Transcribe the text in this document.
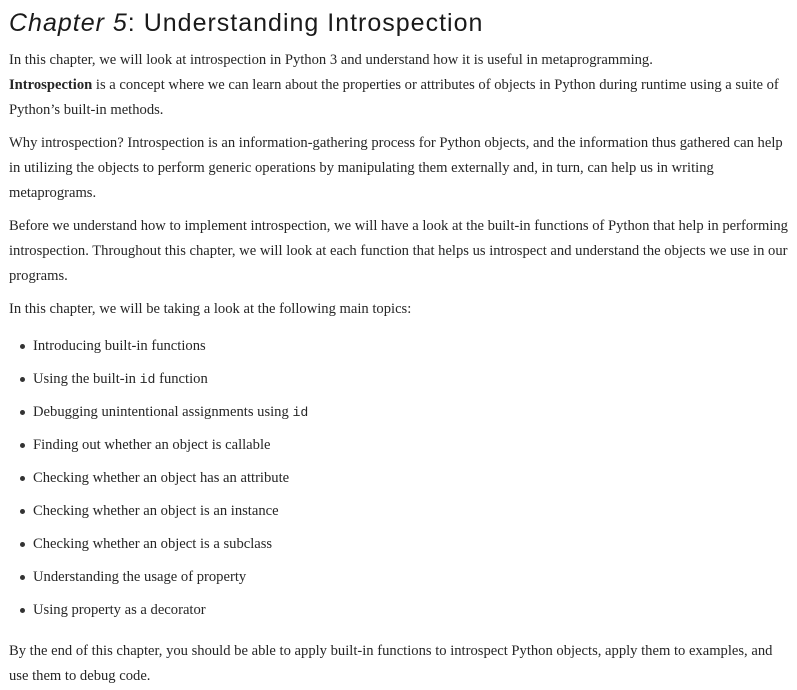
Chapter 5: Understanding Introspection

In this chapter, we will look at introspection in Python 3 and understand how it is useful in metaprogramming.
Introspection is a concept where we can learn about the properties or attributes of objects in Python during runtime using a suite of Python’s built-in methods.

Why introspection? Introspection is an information-gathering process for Python objects, and the information thus gathered can help in utilizing the objects to perform generic operations by manipulating them externally and, in turn, can help us in writing metaprograms.

Before we understand how to implement introspection, we will have a look at the built-in functions of Python that help in performing introspection. Throughout this chapter, we will look at each function that helps us introspect and understand the objects we use in our programs.

In this chapter, we will be taking a look at the following main topics:

Introducing built-in functions
Using the built-in id function
Debugging unintentional assignments using id
Finding out whether an object is callable
Checking whether an object has an attribute
Checking whether an object is an instance
Checking whether an object is a subclass
Understanding the usage of property
Using property as a decorator

By the end of this chapter, you should be able to apply built-in functions to introspect Python objects, apply them to examples, and use them to debug code.
